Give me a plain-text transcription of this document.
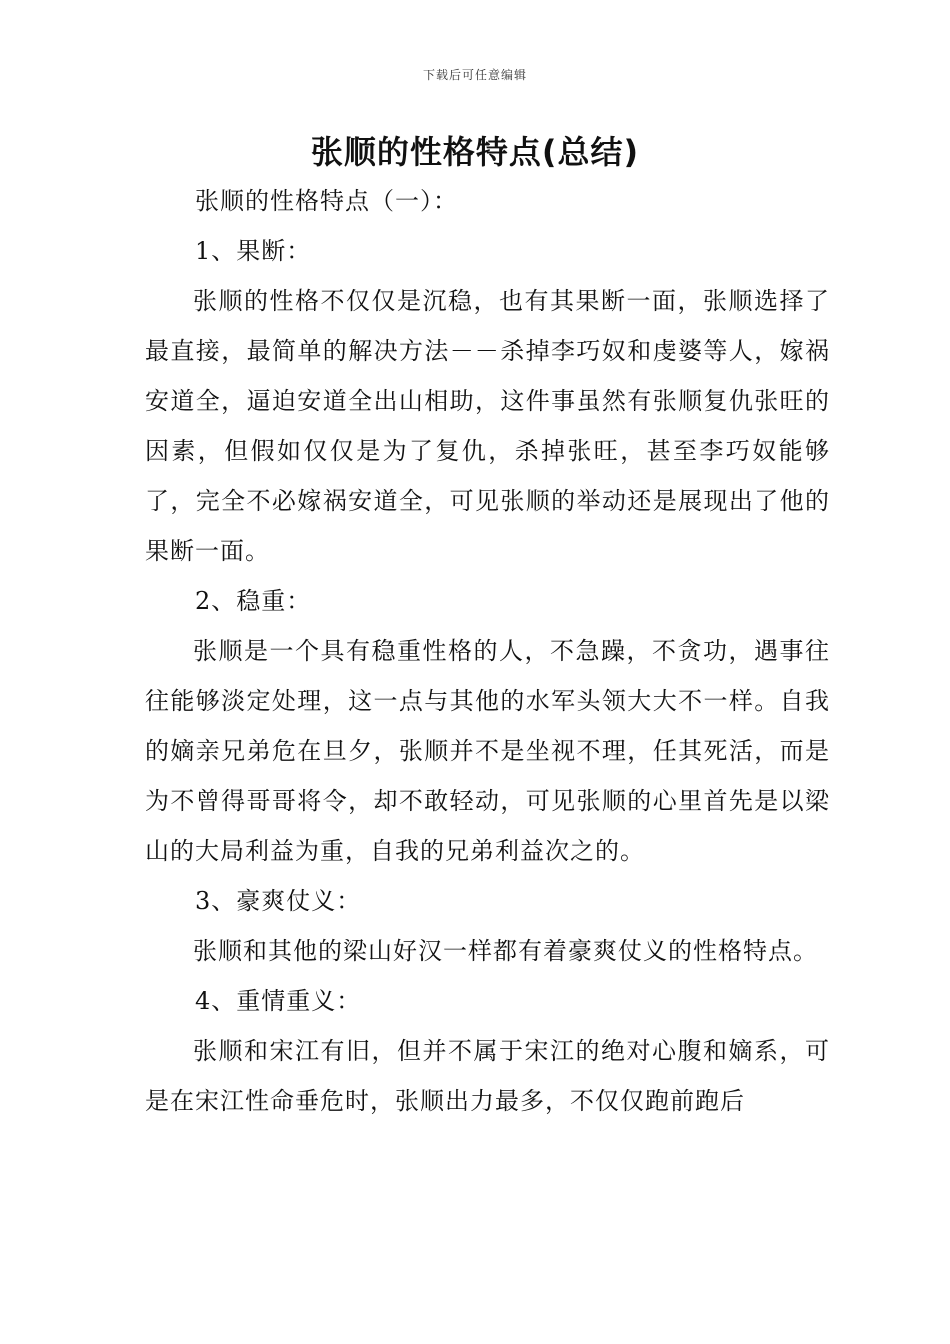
下载后可任意编辑
张顺的性格特点(总结)
张顺的性格特点（一）：
1、果断：

张顺的性格不仅仅是沉稳，也有其果断一面，张顺选择了最直接，最简单的解决方法－－杀掉李巧奴和虔婆等人，嫁祸安道全，逼迫安道全出山相助，这件事虽然有张顺复仇张旺的因素，但假如仅仅是为了复仇，杀掉张旺，甚至李巧奴能够了，完全不必嫁祸安道全，可见张顺的举动还是展现出了他的果断一面。

2、稳重：

张顺是一个具有稳重性格的人，不急躁，不贪功，遇事往往能够淡定处理，这一点与其他的水军头领大大不一样。自我的嫡亲兄弟危在旦夕，张顺并不是坐视不理，任其死活，而是为不曾得哥哥将令，却不敢轻动，可见张顺的心里首先是以梁山的大局利益为重，自我的兄弟利益次之的。

3、豪爽仗义：

张顺和其他的梁山好汉一样都有着豪爽仗义的性格特点。

4、重情重义：

张顺和宋江有旧，但并不属于宋江的绝对心腹和嫡系，可是在宋江性命垂危时，张顺出力最多，不仅仅跑前跑后
